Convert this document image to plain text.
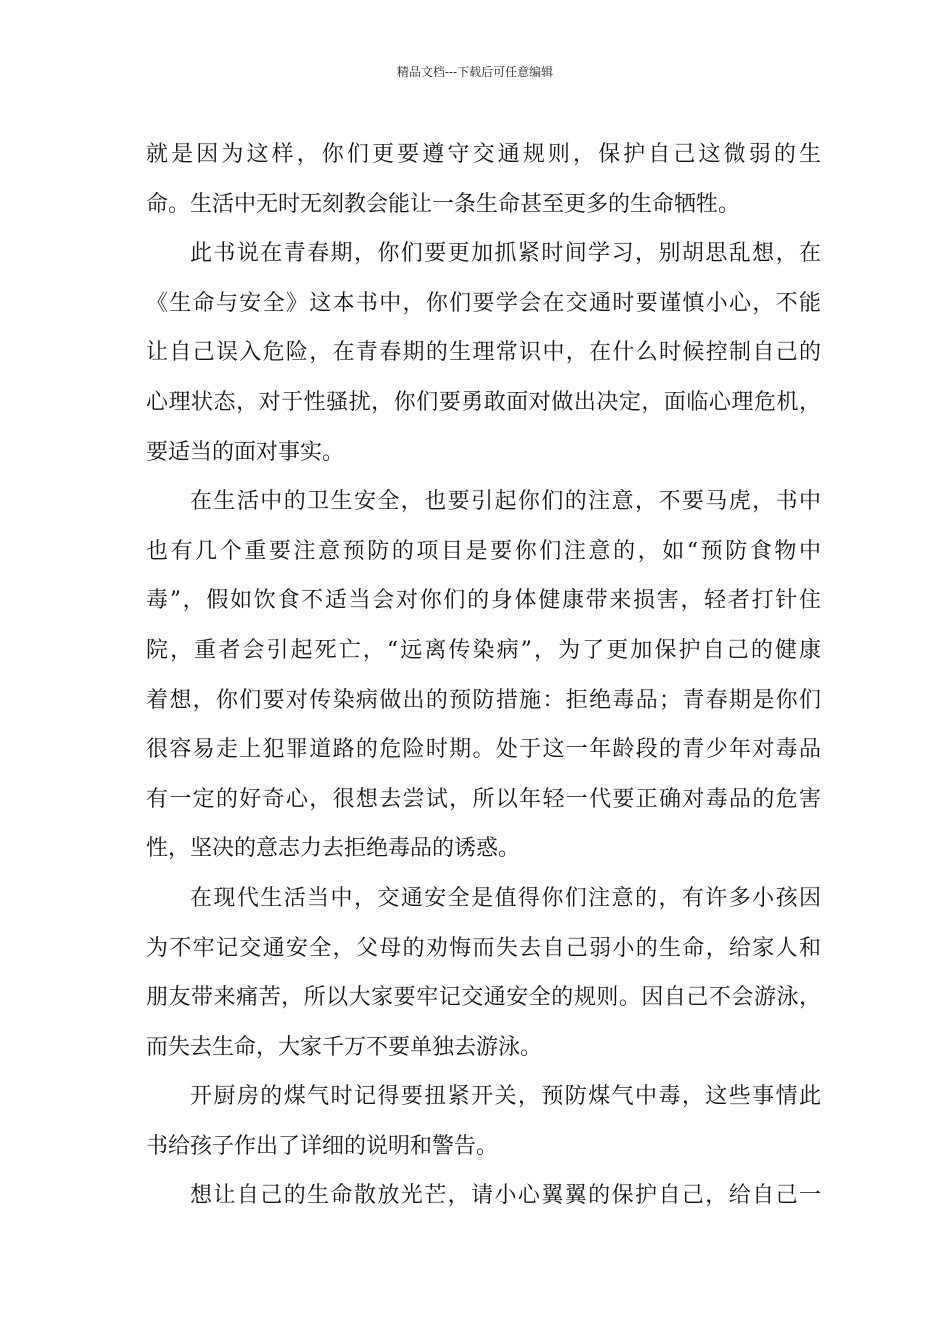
精品文档---下载后可任意编辑
就是因为这样，你们更要遵守交通规则，保护自己这微弱的生
命。生活中无时无刻教会能让一条生命甚至更多的生命牺牲。
此书说在青春期，你们要更加抓紧时间学习，别胡思乱想，在
《生命与安全》这本书中，你们要学会在交通时要谨慎小心，不能
让自己误入危险，在青春期的生理常识中，在什么时候控制自己的
心理状态，对于性骚扰，你们要勇敢面对做出决定，面临心理危机，
要适当的面对事实。
在生活中的卫生安全，也要引起你们的注意，不要马虎，书中
也有几个重要注意预防的项目是要你们注意的，如“预防食物中
毒”，假如饮食不适当会对你们的身体健康带来损害，轻者打针住
院，重者会引起死亡，“远离传染病”，为了更加保护自己的健康
着想，你们要对传染病做出的预防措施：拒绝毒品；青春期是你们
很容易走上犯罪道路的危险时期。处于这一年龄段的青少年对毒品
有一定的好奇心，很想去尝试，所以年轻一代要正确对毒品的危害
性，坚决的意志力去拒绝毒品的诱惑。
在现代生活当中，交通安全是值得你们注意的，有许多小孩因
为不牢记交通安全，父母的劝悔而失去自己弱小的生命，给家人和
朋友带来痛苦，所以大家要牢记交通安全的规则。因自己不会游泳，
而失去生命，大家千万不要单独去游泳。
开厨房的煤气时记得要扭紧开关，预防煤气中毒，这些事情此
书给孩子作出了详细的说明和警告。
想让自己的生命散放光芒，请小心翼翼的保护自己，给自己一
